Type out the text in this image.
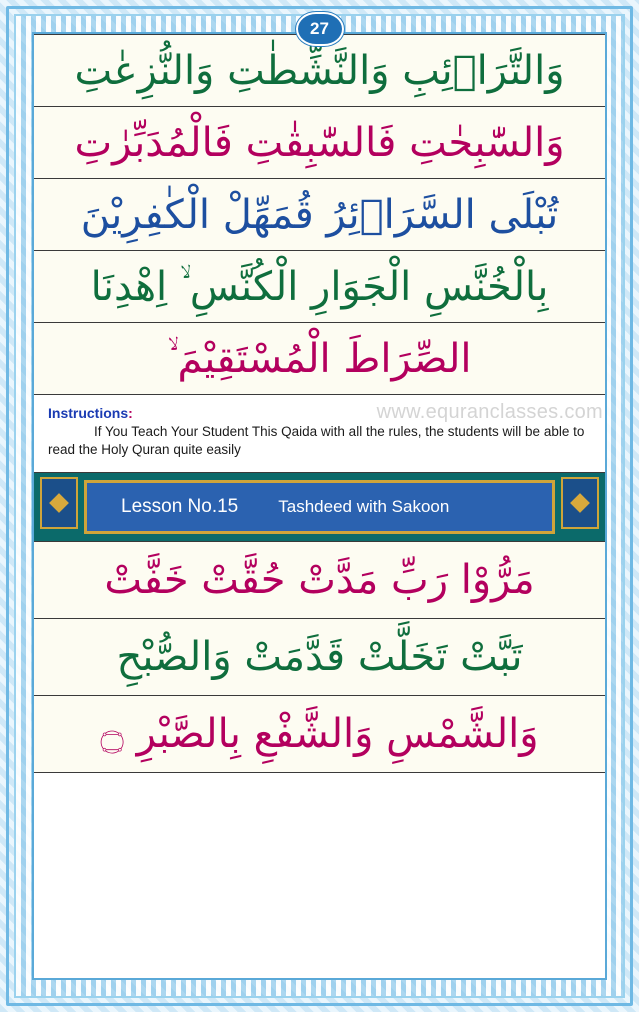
27
وَالتَّرَاۗئِبِ وَالنَّشِّطٰتِ وَالنُّزِعٰتِ
وَالسّٰبِحٰتِ فَالسّٰبِقٰتِ فَالْمُدَبِّرٰتِ
تُبْلَى السَّرَاۗئِرُ قُمَهِّلْ الْكٰفِرِيْنَ
بِالْخُنَّسِ الْجَوَارِ الْكُنَّسِ ۙ اِهْدِنَا
الصِّرَاطَ الْمُسْتَقِيْمَ ۙ
www.equranclasses.com
Instructions:
If You Teach Your Student This Qaida with all the rules, the students will be able to read the Holy Quran quite easily
Lesson No.15	Tashdeed with Sakoon
مَرُّوْا رَبِّ مَدَّتْ حُقَّتْ خَفَّتْ
تَبَّتْ تَخَلَّتْ قَدَّمَتْ وَالصُّبْحِ
وَالشَّمْسِ وَالشَّفْعِ بِالصَّبْرِ ۝
